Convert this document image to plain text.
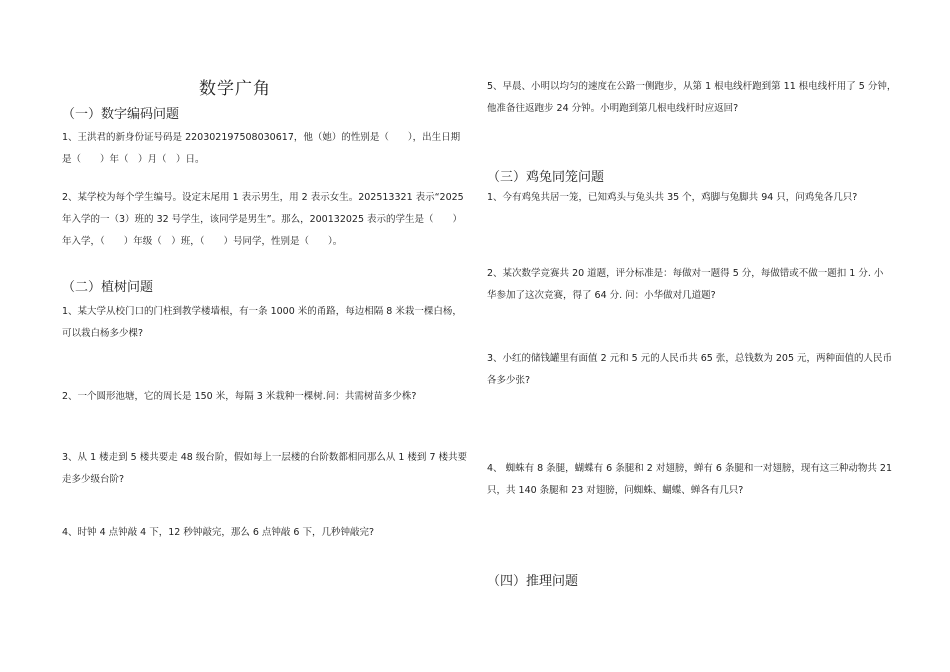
数学广角
（一）数字编码问题

1、王洪君的新身份证号码是 220302197508030617，他（她）的性别是（　　），出生日期是（　　）年（　）月（　）日。

2、某学校为每个学生编号。设定末尾用 1 表示男生，用 2 表示女生。202513321 表示“2025 年入学的一（3）班的 32 号学生，该同学是男生”。那么，200132025 表示的学生是（　　）年入学，（　　）年级（　）班，（　　）号同学，性别是（　　）。

（二）植树问题

1、某大学从校门口的门柱到教学楼墙根，有一条 1000 米的甬路，每边相隔 8 米栽一棵白杨，可以栽白杨多少棵?

2、一个圆形池塘，它的周长是 150 米，每隔 3 米栽种一棵树.问：共需树苗多少株?

3、从 1 楼走到 5 楼共要走 48 级台阶，假如每上一层楼的台阶数都相同那么从 1 楼到 7 楼共要走多少级台阶?

4、时钟 4 点钟敲 4 下，12 秒钟敲完，那么 6 点钟敲 6 下，几秒钟敲完?

5、早晨、小明以均匀的速度在公路一侧跑步，从第 1 根电线杆跑到第 11 根电线杆用了 5 分钟，他准备往返跑步 24 分钟。小明跑到第几根电线杆时应返回?

（三）鸡兔同笼问题

1、今有鸡兔共居一笼，已知鸡头与兔头共 35 个，鸡脚与兔脚共 94 只，问鸡兔各几只?

2、某次数学竞赛共 20 道题，评分标准是：每做对一题得 5 分，每做错或不做一题扣 1 分. 小华参加了这次竞赛，得了 64 分. 问：小华做对几道题?

3、小红的储钱罐里有面值 2 元和 5 元的人民币共 65 张，总钱数为 205 元，两种面值的人民币各多少张?

4、 蜘蛛有 8 条腿，蝴蝶有 6 条腿和 2 对翅膀，蝉有 6 条腿和一对翅膀，现有这三种动物共 21 只，共 140 条腿和 23 对翅膀，问蜘蛛、蝴蝶、蝉各有几只?

（四）推理问题
